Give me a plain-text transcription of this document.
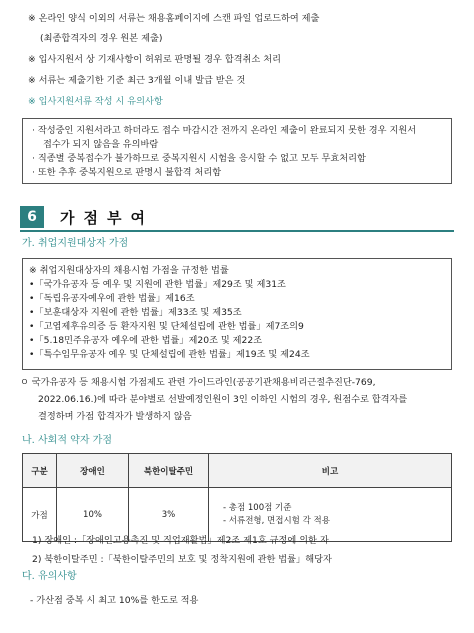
※ 온라인 양식 이외의 서류는 채용홈페이지에 스캔 파일 업로드하여 제출
(최종합격자의 경우 원본 제출)
※ 입사지원서 상 기재사항이 허위로 판명될 경우 합격취소 처리
※ 서류는 제출기한 기준 최근 3개월 이내 발급 받은 것
※ 입사지원서류 작성 시 유의사항
· 작성중인 지원서라고 하더라도 접수 마감시간 전까지 온라인 제출이 완료되지 못한 경우 지원서
접수가 되지 않음을 유의바람
· 직종별 중복접수가 불가하므로 중복지원시 시험을 응시할 수 없고 모두 무효처리함
· 또한 추후 중복지원으로 판명시 불합격 처리함
6	가점부여
가. 취업지원대상자 가점
※ 취업지원대상자의 채용시험 가점을 규정한 법률
•「국가유공자 등 예우 및 지원에 관한 법률」제29조 및 제31조
•「독립유공자예우에 관한 법률」제16조
•「보훈대상자 지원에 관한 법률」제33조 및 제35조
•「고엽제후유의증 등 환자지원 및 단체설립에 관한 법률」제7조의9
•「5.18민주유공자 예우에 관한 법률」제20조 및 제22조
•「특수임무유공자 예우 및 단체설립에 관한 법률」제19조 및 제24조
ㅇ 국가유공자 등 채용시험 가점제도 관련 가이드라인(공공기관채용비리근절추진단-769,
2022.06.16.)에 따라 분야별로 선발예정인원이 3인 이하인 시험의 경우, 원점수로 합격자를
결정하며 가점 합격자가 발생하지 않음
나. 사회적 약자 가점
구분	장애인	북한이탈주민	비고
가점	10%	3%	- 총점 100점 기준
- 서류전형, 면접시험 각 적용
1) 장애인 :「장애인고용촉진 및 직업재활법」제2조 제1호 규정에 의한 자
2) 북한이탈주민 :「북한이탈주민의 보호 및 정착지원에 관한 법률」해당자
다. 유의사항
- 가산점 중복 시 최고 10%를 한도로 적용
